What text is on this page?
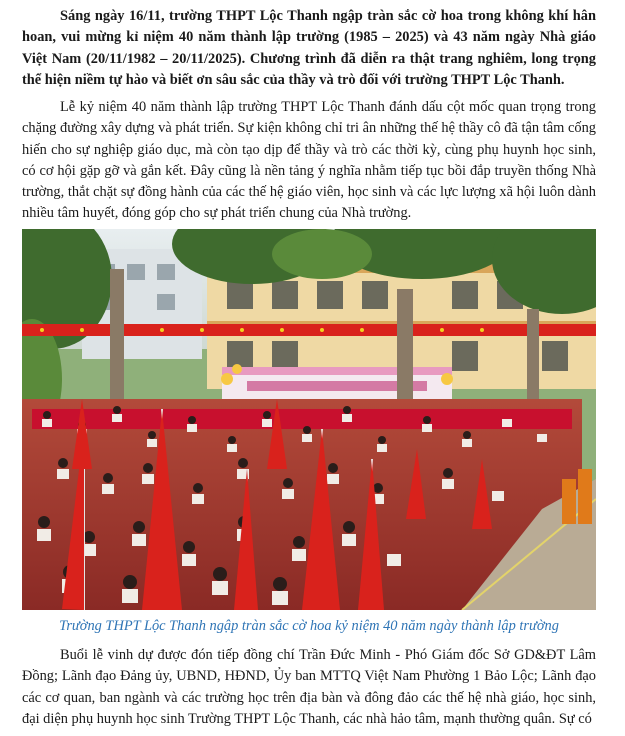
Sáng ngày 16/11, trường THPT Lộc Thanh ngập tràn sắc cờ hoa trong không khí hân hoan, vui mừng kỉ niệm 40 năm thành lập trường (1985 – 2025) và 43 năm ngày Nhà giáo Việt Nam (20/11/1982 – 20/11/2025). Chương trình đã diễn ra thật trang nghiêm, long trọng thể hiện niềm tự hào và biết ơn sâu sắc của thầy và trò đối với trường THPT Lộc Thanh.

Lễ kỷ niệm 40 năm thành lập trường THPT Lộc Thanh đánh dấu cột mốc quan trọng trong chặng đường xây dựng và phát triển. Sự kiện không chỉ tri ân những thế hệ thầy cô đã tận tâm cống hiến cho sự nghiệp giáo dục, mà còn tạo dịp để thầy và trò các thời kỳ, cùng phụ huynh học sinh, có cơ hội gặp gỡ và gắn kết. Đây cũng là nền tảng ý nghĩa nhằm tiếp tục bồi đắp truyền thống Nhà trường, thắt chặt sự đồng hành của các thế hệ giáo viên, học sinh và các lực lượng xã hội luôn dành nhiều tâm huyết, đóng góp cho sự phát triển chung của Nhà trường.

Trường THPT Lộc Thanh ngập tràn sắc cờ hoa kỷ niệm 40 năm ngày thành lập trường

Buổi lễ vinh dự được đón tiếp đồng chí Trần Đức Minh - Phó Giám đốc Sở GD&ĐT Lâm Đồng; Lãnh đạo Đảng ủy, UBND, HĐND, Ủy ban MTTQ Việt Nam Phường 1 Bảo Lộc; Lãnh đạo các cơ quan, ban ngành và các trường học trên địa bàn và đông đảo các thế hệ nhà giáo, học sinh, đại diện phụ huynh học sinh Trường THPT Lộc Thanh, các nhà hảo tâm, mạnh thường quân. Sự có
